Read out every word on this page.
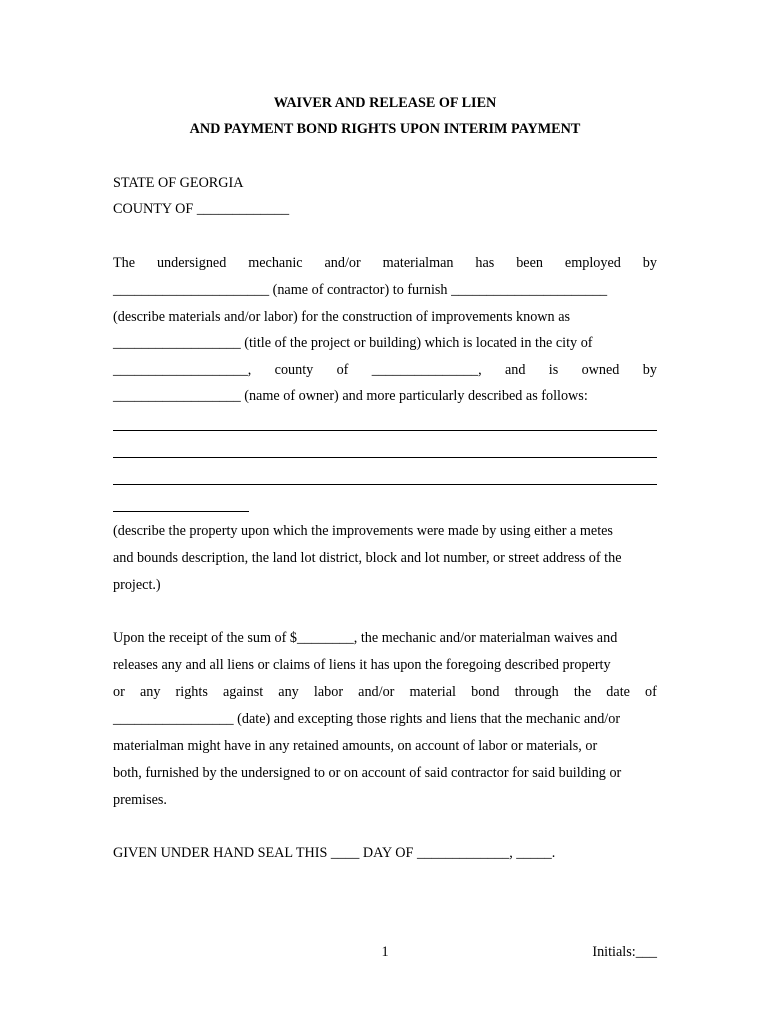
WAIVER AND RELEASE OF LIEN
AND PAYMENT BOND RIGHTS UPON INTERIM PAYMENT
STATE OF GEORGIA
COUNTY OF _____________
The undersigned mechanic and/or materialman has been employed by
______________________ (name of contractor) to furnish ______________________
(describe materials and/or labor) for the construction of improvements known as
__________________ (title of the project or building) which is located in the city of
___________________, county of _______________, and is owned by
__________________ (name of owner) and more particularly described as follows:
(describe the property upon which the improvements were made by using either a metes
and bounds description, the land lot district, block and lot number, or street address of the
project.)
Upon the receipt of the sum of $________, the mechanic and/or materialman waives and
releases any and all liens or claims of liens it has upon the foregoing described property
or any rights against any labor and/or material bond through the date of
_________________ (date) and excepting those rights and liens that the mechanic and/or
materialman might have in any retained amounts, on account of labor or materials, or
both, furnished by the undersigned to or on account of said contractor for said building or
premises.
GIVEN UNDER HAND SEAL THIS ____ DAY OF _____________, _____.
1	Initials:___
